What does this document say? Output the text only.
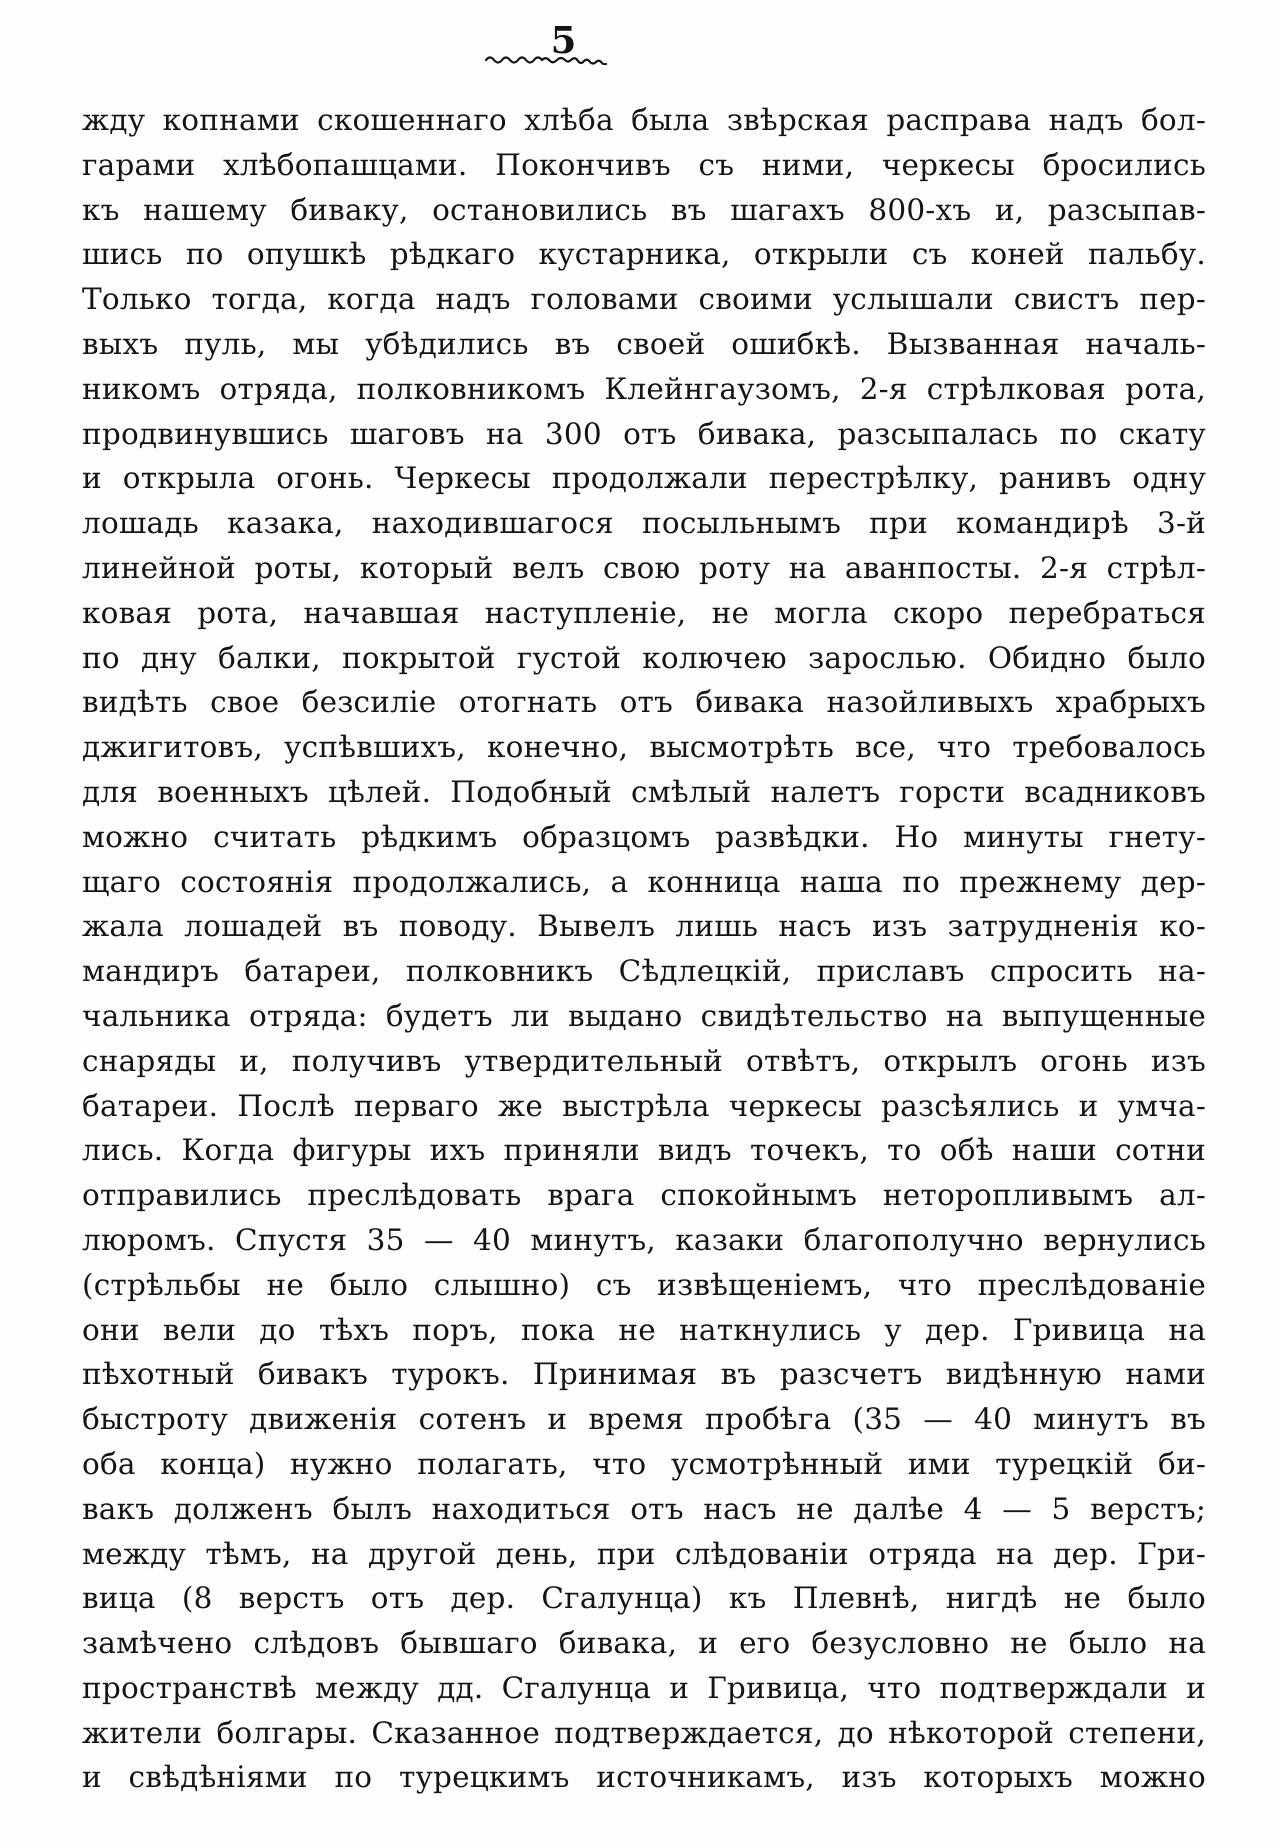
5
жду копнами скошеннаго хлѣба была звѣрская расправа надъ бол-
гарами хлѣбопашцами. Покончивъ съ ними, черкесы бросились
къ нашему биваку, остановились въ шагахъ 800-хъ и, разсыпав-
шись по опушкѣ рѣдкаго кустарника, открыли съ коней пальбу.
Только тогда, когда надъ головами своими услышали свистъ пер-
выхъ пуль, мы убѣдились въ своей ошибкѣ. Вызванная началь-
никомъ отряда, полковникомъ Клейнгаузомъ, 2-я стрѣлковая рота,
продвинувшись шаговъ на 300 отъ бивака, разсыпалась по скату
и открыла огонь. Черкесы продолжали перестрѣлку, ранивъ одну
лошадь казака, находившагося посыльнымъ при командирѣ 3-й
линейной роты, который велъ свою роту на аванпосты. 2-я стрѣл-
ковая рота, начавшая наступленіе, не могла скоро перебраться
по дну балки, покрытой густой колючею зарослью. Обидно было
видѣть свое безсиліе отогнать отъ бивака назойливыхъ храбрыхъ
джигитовъ, успѣвшихъ, конечно, высмотрѣть все, что требовалось
для военныхъ цѣлей. Подобный смѣлый налетъ горсти всадниковъ
можно считать рѣдкимъ образцомъ развѣдки. Но минуты гнету-
щаго состоянія продолжались, а конница наша по прежнему дер-
жала лошадей въ поводу. Вывелъ лишь насъ изъ затрудненія ко-
мандиръ батареи, полковникъ Сѣдлецкій, приславъ спросить на-
чальника отряда: будетъ ли выдано свидѣтельство на выпущенные
снаряды и, получивъ утвердительный отвѣтъ, открылъ огонь изъ
батареи. Послѣ перваго же выстрѣла черкесы разсѣялись и умча-
лись. Когда фигуры ихъ приняли видъ точекъ, то обѣ наши сотни
отправились преслѣдовать врага спокойнымъ неторопливымъ ал-
люромъ. Спустя 35 — 40 минутъ, казаки благополучно вернулись
(стрѣльбы не было слышно) съ извѣщеніемъ, что преслѣдованіе
они вели до тѣхъ поръ, пока не наткнулись у дер. Гривица на
пѣхотный бивакъ турокъ. Принимая въ разсчетъ видѣнную нами
быстроту движенія сотенъ и время пробѣга (35 — 40 минутъ въ
оба конца) нужно полагать, что усмотрѣнный ими турецкій би-
вакъ долженъ былъ находиться отъ насъ не далѣе 4 — 5 верстъ;
между тѣмъ, на другой день, при слѣдованіи отряда на дер. Гри-
вица (8 верстъ отъ дер. Сгалунца) къ Плевнѣ, нигдѣ не было
замѣчено слѣдовъ бывшаго бивака, и его безусловно не было на
пространствѣ между дд. Сгалунца и Гривица, что подтверждали и
жители болгары. Сказанное подтверждается, до нѣкоторой степени,
и свѣдѣніями по турецкимъ источникамъ, изъ которыхъ можно
